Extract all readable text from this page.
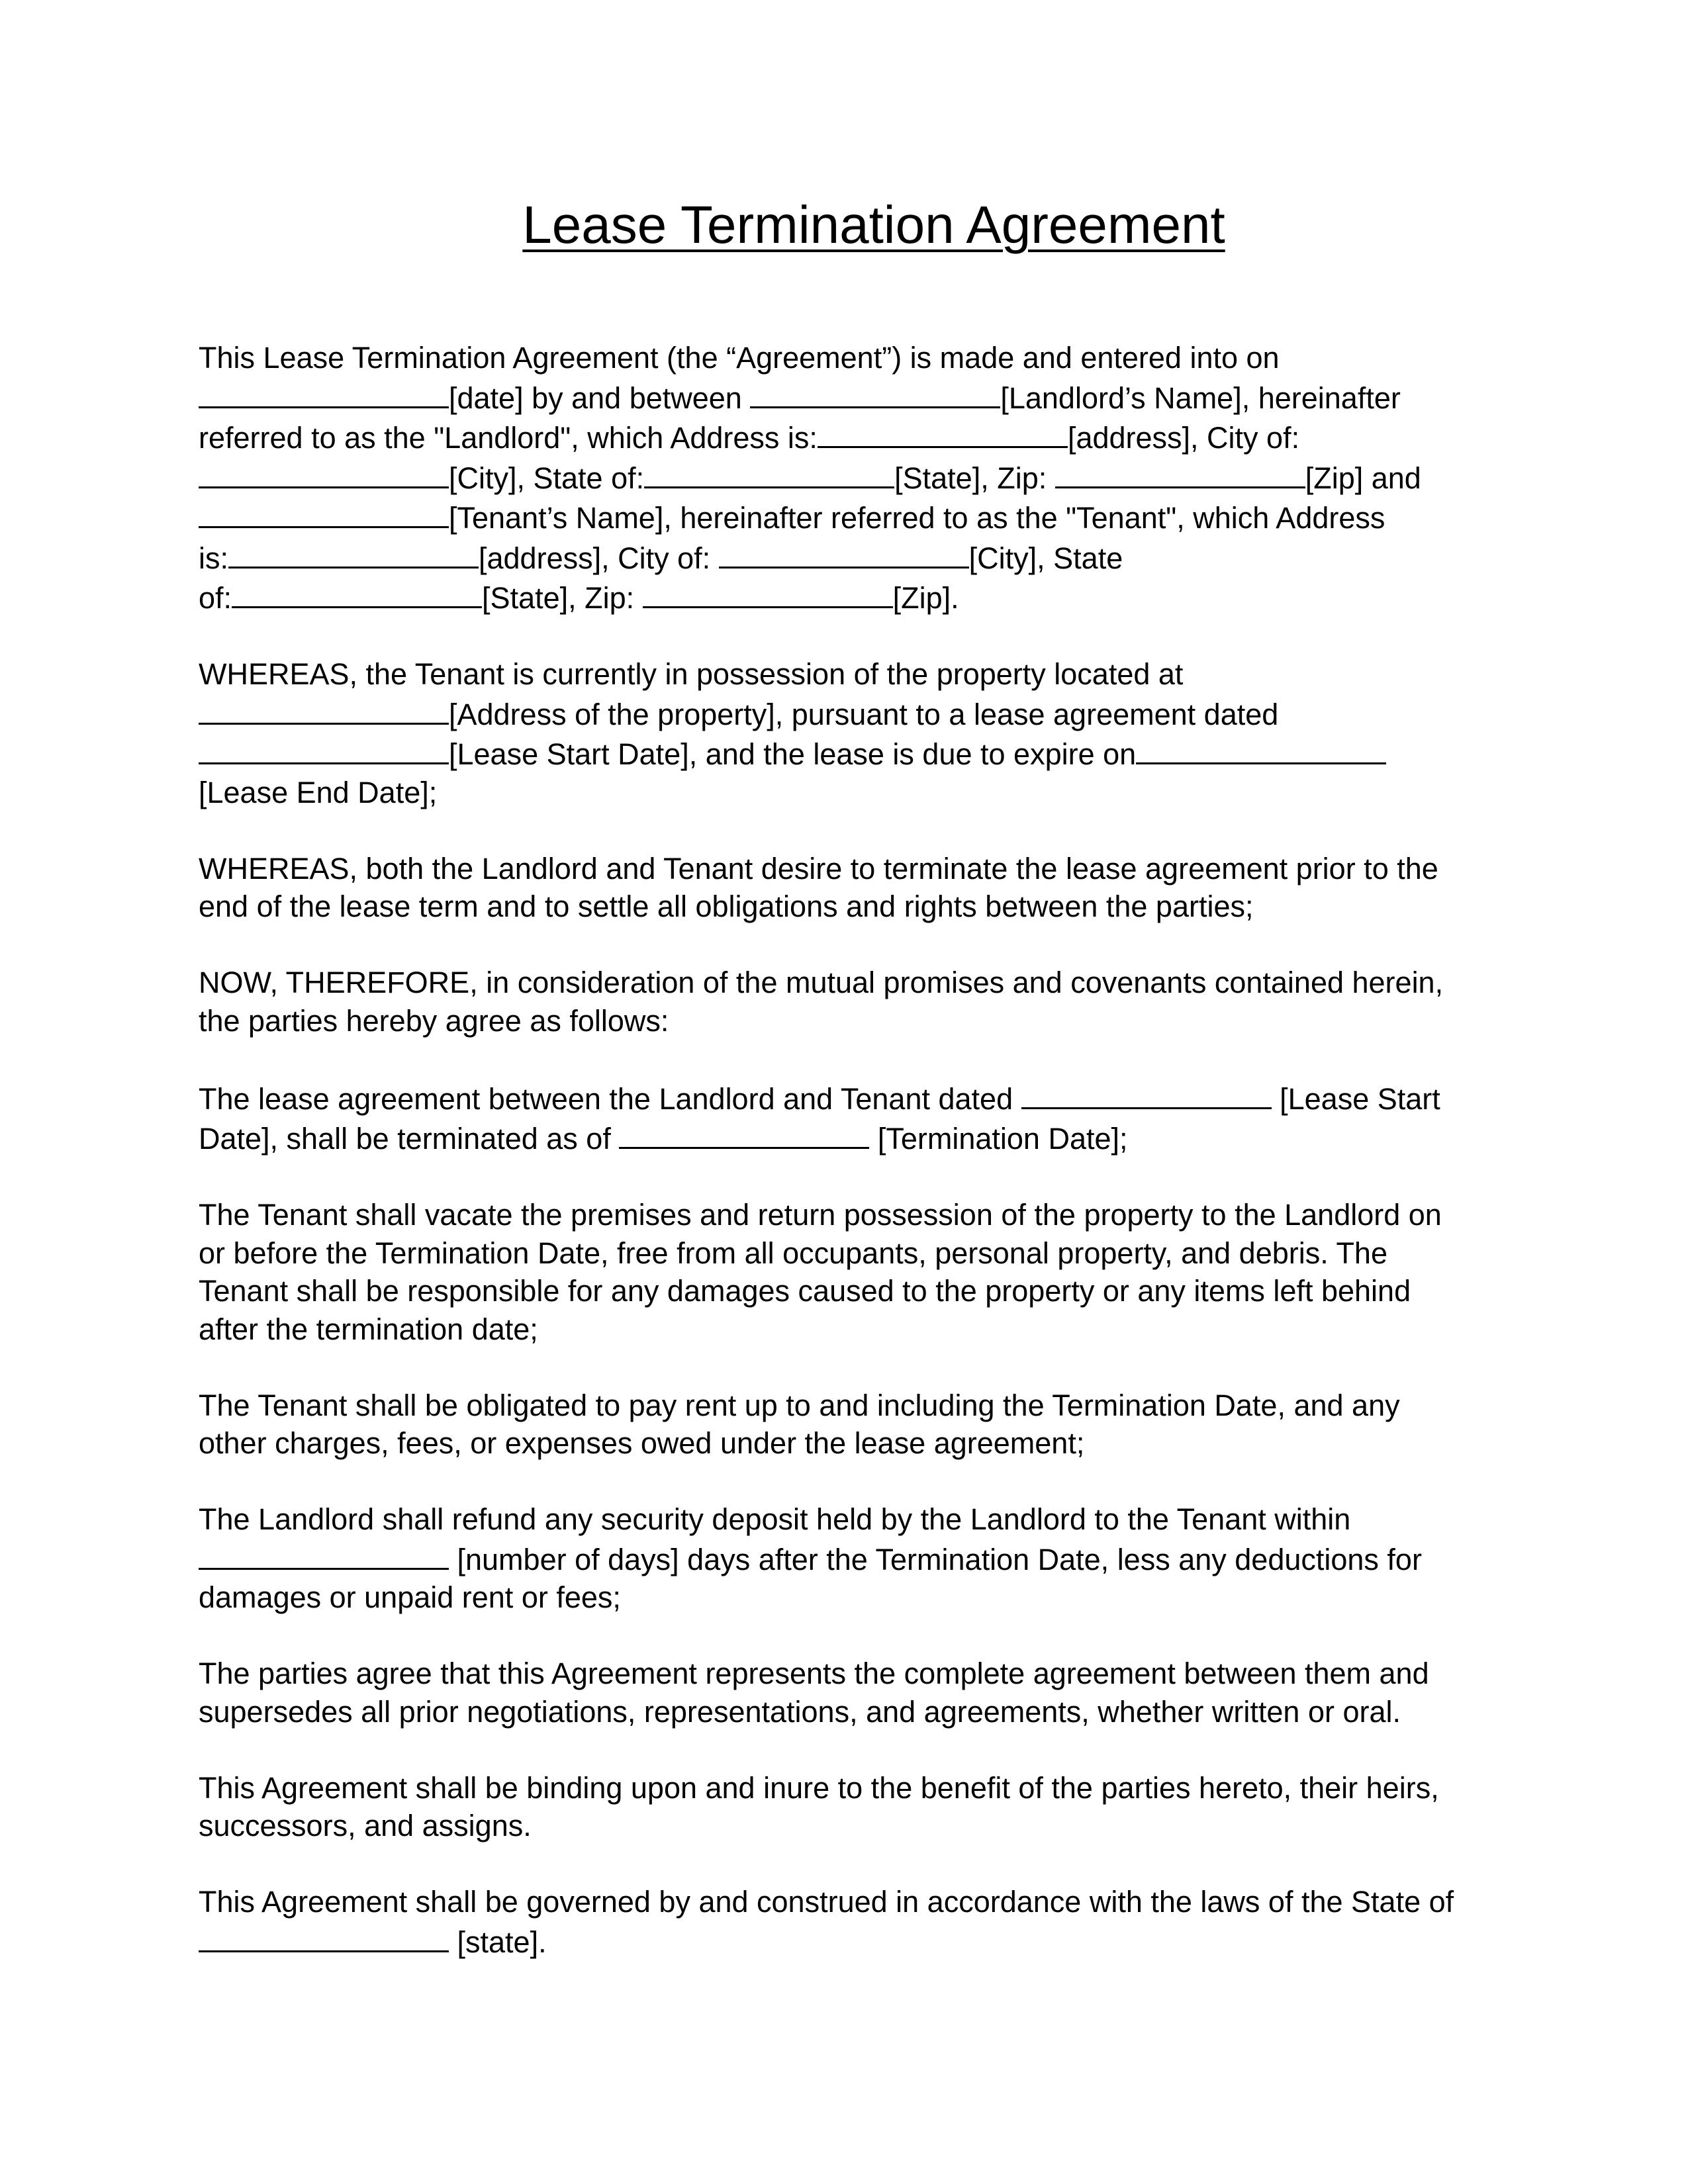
Lease Termination Agreement
This Lease Termination Agreement (the “Agreement”) is made and entered into on
[date] by and between	[Landlord’s Name], hereinafter
referred to as the "Landlord", which Address is:	[address], City of:
[City], State of:	[State], Zip:	[Zip] and
[Tenant’s Name], hereinafter referred to as the "Tenant", which Address
is:	[address], City of:	[City], State
of:	[State], Zip:	[Zip].
WHEREAS, the Tenant is currently in possession of the property located at
[Address of the property], pursuant to a lease agreement dated
[Lease Start Date], and the lease is due to expire on
[Lease End Date];
WHEREAS, both the Landlord and Tenant desire to terminate the lease agreement prior to the
end of the lease term and to settle all obligations and rights between the parties;
NOW, THEREFORE, in consideration of the mutual promises and covenants contained herein,
the parties hereby agree as follows:
The lease agreement between the Landlord and Tenant dated	[Lease Start
Date], shall be terminated as of	[Termination Date];
The Tenant shall vacate the premises and return possession of the property to the Landlord on
or before the Termination Date, free from all occupants, personal property, and debris. The
Tenant shall be responsible for any damages caused to the property or any items left behind
after the termination date;
The Tenant shall be obligated to pay rent up to and including the Termination Date, and any
other charges, fees, or expenses owed under the lease agreement;
The Landlord shall refund any security deposit held by the Landlord to the Tenant within
[number of days] days after the Termination Date, less any deductions for
damages or unpaid rent or fees;
The parties agree that this Agreement represents the complete agreement between them and
supersedes all prior negotiations, representations, and agreements, whether written or oral.
This Agreement shall be binding upon and inure to the benefit of the parties hereto, their heirs,
successors, and assigns.
This Agreement shall be governed by and construed in accordance with the laws of the State of
[state].
